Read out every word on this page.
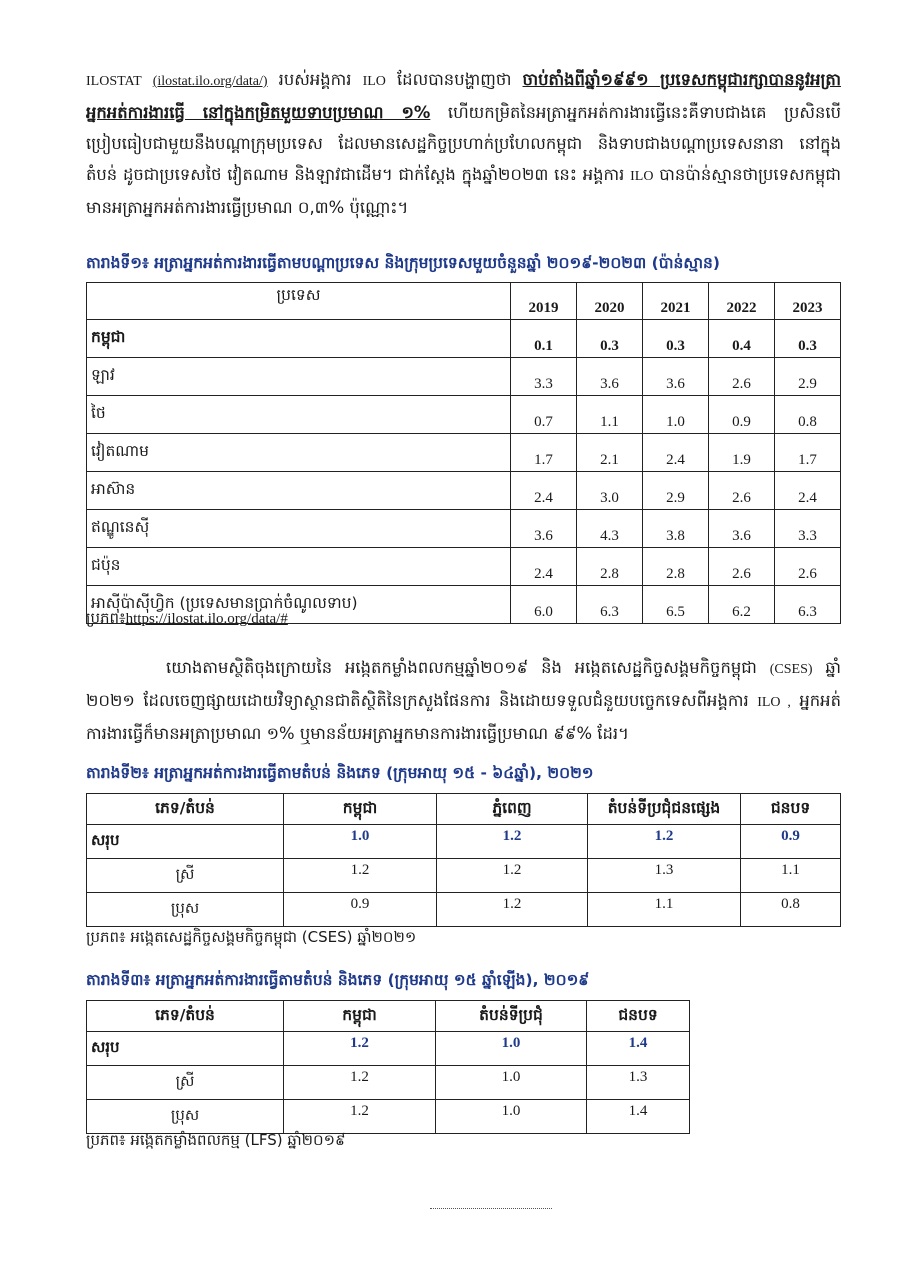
ILOSTAT (ilostat.ilo.org/data/) របស់អង្គការ ILO ដែលបានបង្ហាញថា ចាប់តាំងពីឆ្នាំ១៩៩១ ប្រទេសកម្ពុជារក្សាបាននូវអត្រាអ្នកអត់ការងារធ្វើ នៅក្នុងកម្រិតមួយទាបប្រមាណ ១% ហើយកម្រិតនៃអត្រាអ្នកអត់ការងារធ្វើនេះគឺទាបជាងគេ ប្រសិនបើប្រៀបធៀបជាមួយនឹងបណ្ដាក្រុមប្រទេស ដែលមានសេដ្ឋកិច្ចប្រហាក់ប្រហែលកម្ពុជា និងទាបជាងបណ្ដាប្រទេសនានា នៅក្នុងតំបន់ ដូចជាប្រទេសថៃ វៀតណាម និងឡាវជាដើម។ ជាក់ស្ដែង ក្នុងឆ្នាំ២០២៣ នេះ អង្គការ ILO បានប៉ាន់ស្មានថាប្រទេសកម្ពុជា មានអត្រាអ្នកអត់ការងារធ្វើប្រមាណ ០,៣% ប៉ុណ្ណោះ។

តារាងទី១៖ អត្រាអ្នកអត់ការងារធ្វើតាមបណ្ដាប្រទេស និងក្រុមប្រទេសមួយចំនួនឆ្នាំ ២០១៩-២០២៣ (ប៉ាន់ស្មាន)

ប្រទេស	2019	2020	2021	2022	2023
កម្ពុជា	0.1	0.3	0.3	0.4	0.3
ឡាវ	3.3	3.6	3.6	2.6	2.9
ថៃ	0.7	1.1	1.0	0.9	0.8
វៀតណាម	1.7	2.1	2.4	1.9	1.7
អាស៊ាន	2.4	3.0	2.9	2.6	2.4
ឥណ្ឌូនេស៊ី	3.6	4.3	3.8	3.6	3.3
ជប៉ុន	2.4	2.8	2.8	2.6	2.6
អាស៊ីប៉ាស៊ីហ្វិក (ប្រទេសមានប្រាក់ចំណូលទាប)	6.0	6.3	6.5	6.2	6.3

ប្រភព៖https://ilostat.ilo.org/data/#

យោងតាមស្ថិតិចុងក្រោយនៃ អង្កេតកម្លាំងពលកម្មឆ្នាំ២០១៩ និង អង្កេតសេដ្ឋកិច្ចសង្គមកិច្ចកម្ពុជា (CSES) ឆ្នាំ ២០២១ ដែលចេញផ្សាយដោយវិទ្យាស្ថានជាតិស្ថិតិនៃក្រសួងផែនការ និងដោយទទួលជំនួយបច្ចេកទេសពីអង្គការ ILO , អ្នកអត់ការងារធ្វើក៏មានអត្រាប្រមាណ ១% ឬមានន័យអត្រាអ្នកមានការងារធ្វើប្រមាណ ៩៩% ដែរ។

តារាងទី២៖ អត្រាអ្នកអត់ការងារធ្វើតាមតំបន់ និងភេទ (ក្រុមអាយុ ១៥ - ៦៤ឆ្នាំ), ២០២១

ភេទ/តំបន់	កម្ពុជា	ភ្នំពេញ	តំបន់ទីប្រជុំជនផ្សេង	ជនបទ
សរុប	1.0	1.2	1.2	0.9
ស្រី	1.2	1.2	1.3	1.1
ប្រុស	0.9	1.2	1.1	0.8

ប្រភព៖ អង្កេតសេដ្ឋកិច្ចសង្គមកិច្ចកម្ពុជា (CSES) ឆ្នាំ២០២១

តារាងទី៣៖ អត្រាអ្នកអត់ការងារធ្វើតាមតំបន់ និងភេទ (ក្រុមអាយុ ១៥ ឆ្នាំឡើង), ២០១៩

ភេទ/តំបន់	កម្ពុជា	តំបន់ទីប្រជុំ	ជនបទ
សរុប	1.2	1.0	1.4
ស្រី	1.2	1.0	1.3
ប្រុស	1.2	1.0	1.4

ប្រភព៖ អង្កេតកម្លាំងពលកម្ម (LFS) ឆ្នាំ២០១៩
